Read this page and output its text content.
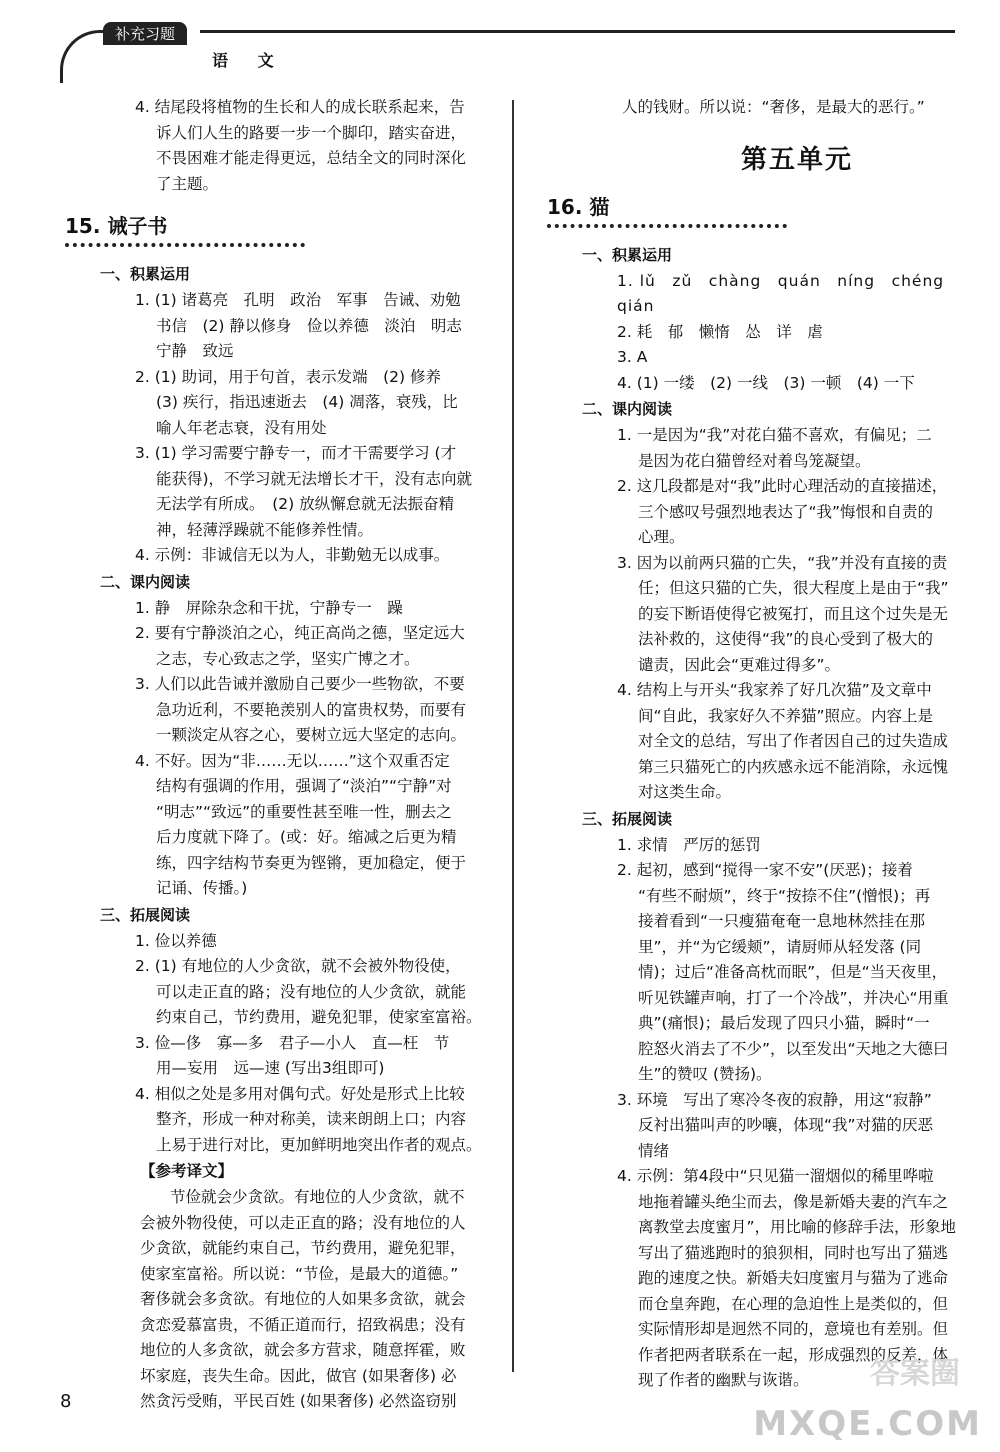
补充习题
语 文

4. 结尾段将植物的生长和人的成长联系起来，告

诉人们人生的路要一步一个脚印，踏实奋进，

不畏困难才能走得更远，总结全文的同时深化

了主题。

15. 诫子书
一、积累运用

1. (1) 诸葛亮　孔明　政治　军事　告诫、劝勉

书信　(2) 静以修身　俭以养德　淡泊　明志

宁静　致远

2. (1) 助词，用于句首，表示发端　(2) 修养

(3) 疾行，指迅速逝去　(4) 凋落，衰残，比

喻人年老志衰，没有用处

3. (1) 学习需要宁静专一，而才干需要学习 (才

能获得)，不学习就无法增长才干，没有志向就

无法学有所成。　(2) 放纵懈怠就无法振奋精

神，轻薄浮躁就不能修养性情。

4. 示例：非诚信无以为人，非勤勉无以成事。

二、课内阅读

1. 静　屏除杂念和干扰，宁静专一　躁

2. 要有宁静淡泊之心，纯正高尚之德，坚定远大

之志，专心致志之学，坚实广博之才。

3. 人们以此告诫并激励自己要少一些物欲，不要

急功近利，不要艳羡别人的富贵权势，而要有

一颗淡定从容之心，要树立远大坚定的志向。

4. 不好。因为“非……无以……”这个双重否定

结构有强调的作用，强调了“淡泊”“宁静”对

“明志”“致远”的重要性甚至唯一性，删去之

后力度就下降了。(或：好。缩减之后更为精

练，四字结构节奏更为铿锵，更加稳定，便于

记诵、传播。)

三、拓展阅读

1. 俭以养德

2. (1) 有地位的人少贪欲，就不会被外物役使，

可以走正直的路；没有地位的人少贪欲，就能

约束自己，节约费用，避免犯罪，使家室富裕。

3. 俭—侈　寡—多　君子—小人　直—枉　节

用—妄用　远—速 (写出3组即可)

4. 相似之处是多用对偶句式。好处是形式上比较

整齐，形成一种对称美，读来朗朗上口；内容

上易于进行对比，更加鲜明地突出作者的观点。

【参考译文】

节俭就会少贪欲。有地位的人少贪欲，就不

会被外物役使，可以走正直的路；没有地位的人

少贪欲，就能约束自己，节约费用，避免犯罪，

使家室富裕。所以说：“节俭，是最大的道德。”

奢侈就会多贪欲。有地位的人如果多贪欲，就会

贪恋爱慕富贵，不循正道而行，招致祸患；没有

地位的人多贪欲，就会多方营求，随意挥霍，败

坏家庭，丧失生命。因此，做官 (如果奢侈) 必

然贪污受贿，平民百姓 (如果奢侈) 必然盗窃别

人的钱财。所以说：“奢侈，是最大的恶行。”

第五单元
16. 猫
一、积累运用

1. lǔ　zǔ　chàng　quán　níng　chéng　qián

2. 耗　郁　懒惰　怂　详　虐

3. A

4. (1) 一缕　(2) 一线　(3) 一顿　(4) 一下

二、课内阅读

1. 一是因为“我”对花白猫不喜欢，有偏见；二

是因为花白猫曾经对着鸟笼凝望。

2. 这几段都是对“我”此时心理活动的直接描述，

三个感叹号强烈地表达了“我”悔恨和自责的

心理。

3. 因为以前两只猫的亡失，“我”并没有直接的责

任；但这只猫的亡失，很大程度上是由于“我”

的妄下断语使得它被冤打，而且这个过失是无

法补救的，这使得“我”的良心受到了极大的

谴责，因此会“更难过得多”。

4. 结构上与开头“我家养了好几次猫”及文章中

间“自此，我家好久不养猫”照应。内容上是

对全文的总结，写出了作者因自己的过失造成

第三只猫死亡的内疚感永远不能消除，永远愧

对这类生命。

三、拓展阅读

1. 求情　严厉的惩罚

2. 起初，感到“搅得一家不安”(厌恶)；接着

“有些不耐烦”，终于“按捺不住”(憎恨)；再

接着看到“一只瘦猫奄奄一息地林然挂在那

里”，并“为它缓颊”，请厨师从轻发落 (同

情)；过后“准备高枕而眠”，但是“当天夜里，

听见铁罐声响，打了一个冷战”，并决心“用重

典”(痛恨)；最后发现了四只小猫，瞬时“一

腔怒火消去了不少”，以至发出“天地之大德曰

生”的赞叹 (赞扬)。

3. 环境　写出了寒冷冬夜的寂静，用这“寂静”

反衬出猫叫声的吵嚷，体现“我”对猫的厌恶

情绪

4. 示例：第4段中“只见猫一溜烟似的稀里哗啦

地拖着罐头绝尘而去，像是新婚夫妻的汽车之

离教堂去度蜜月”，用比喻的修辞手法，形象地

写出了猫逃跑时的狼狈相，同时也写出了猫逃

跑的速度之快。新婚夫妇度蜜月与猫为了逃命

而仓皇奔跑，在心理的急迫性上是类似的，但

实际情形却是迥然不同的，意境也有差别。但

作者把两者联系在一起，形成强烈的反差，体

现了作者的幽默与诙谐。

8
答案圈
MXQE.COM
